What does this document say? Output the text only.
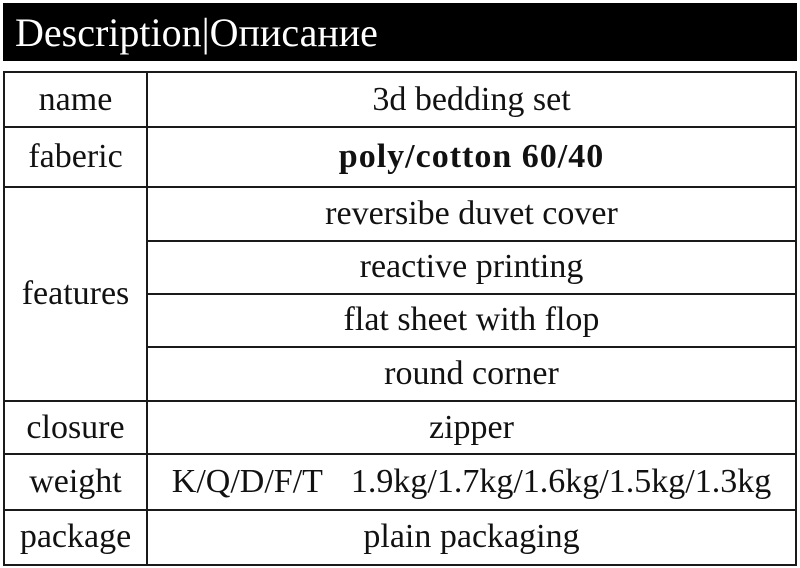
Description|Описание
name	3d bedding set
faberic	poly/cotton 60/40
features	reversibe duvet cover
	reactive printing
	flat sheet with flop
	round corner
closure	zipper
weight	K/Q/D/F/T 1.9kg/1.7kg/1.6kg/1.5kg/1.3kg
package	plain packaging
